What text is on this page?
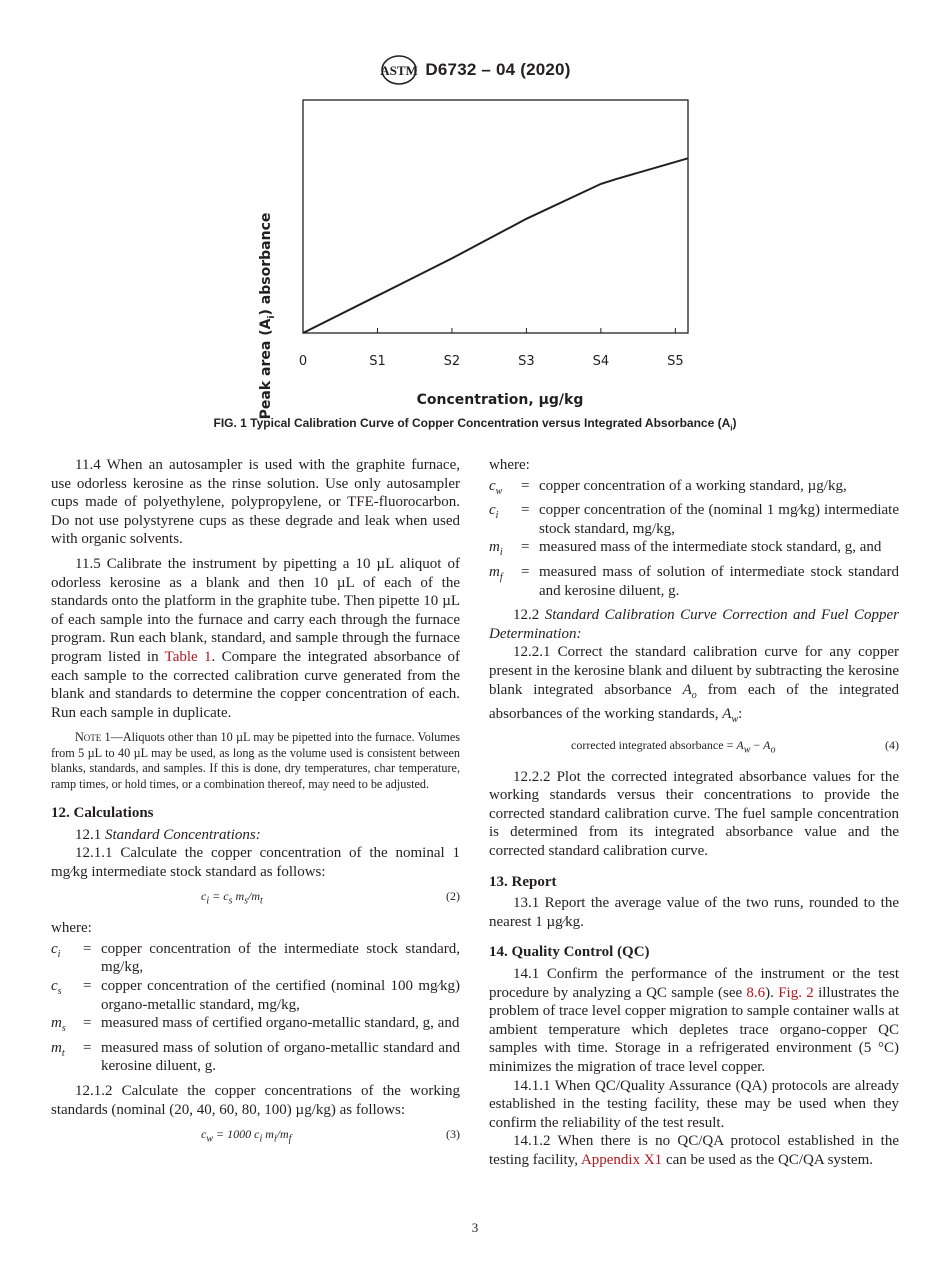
ASTM D6732 – 04 (2020)
Peak area $(A_i)$ absorbance
0	S1	S2	S3	S4	S5
Concentration, µg/kg
FIG. 1 Typical Calibration Curve of Copper Concentration versus Integrated Absorbance $(A_i)$

11.4 When an autosampler is used with the graphite furnace, use odorless kerosine as the rinse solution. Use only autosampler cups made of polyethylene, polypropylene, or TFE-fluorocarbon. Do not use polystyrene cups as these degrade and leak when used with organic solvents.

11.5 Calibrate the instrument by pipetting a 10 µL aliquot of odorless kerosine as a blank and then 10 µL of each of the standards onto the platform in the graphite tube. Then pipette 10 µL of each sample into the furnace and carry each through the furnace program. Run each blank, standard, and sample through the furnace program listed in Table 1. Compare the integrated absorbance of each sample to the corrected calibration curve generated from the blank and standards to determine the copper concentration of each. Run each sample in duplicate.

Note 1—Aliquots other than 10 µL may be pipetted into the furnace. Volumes from 5 µL to 40 µL may be used, as long as the volume used is consistent between blanks, standards, and samples. If this is done, dry temperatures, char temperature, ramp times, or hold times, or a combination thereof, may need to be adjusted.

12. Calculations

12.1 Standard Concentrations:

12.1.1 Calculate the copper concentration of the nominal 1 mg⁄kg intermediate stock standard as follows:

$c_i = c_s$ $m_s/m_t$	(2)

where:

$c_i$	= copper concentration of the intermediate stock standard, mg/kg,
$c_s$	= copper concentration of the certified (nominal 100 mg⁄kg) organo-metallic standard, mg/kg,
$m_s$	= measured mass of certified organo-metallic standard, g, and
$m_t$	= measured mass of solution of organo-metallic standard and kerosine diluent, g.

12.1.2 Calculate the copper concentrations of the working standards (nominal (20, 40, 60, 80, 100) µg/kg) as follows:

$c_w = 1000$ $c_i$ $m_i/m_f$	(3)

where:

$c_w$	= copper concentration of a working standard, µg/kg,
$c_i$	= copper concentration of the (nominal 1 mg⁄kg) intermediate stock standard, mg/kg,
$m_i$	= measured mass of the intermediate stock standard, g, and
$m_f$	= measured mass of solution of intermediate stock standard and kerosine diluent, g.

12.2 Standard Calibration Curve Correction and Fuel Copper Determination:

12.2.1 Correct the standard calibration curve for any copper present in the kerosine blank and diluent by subtracting the kerosine blank integrated absorbance $A_o$ from each of the integrated absorbances of the working standards, $A_w$:

corrected integrated absorbance = $A_w - A_o$	(4)

12.2.2 Plot the corrected integrated absorbance values for the working standards versus their concentrations to provide the corrected standard calibration curve. The fuel sample concentration is determined from its integrated absorbance value and the corrected standard calibration curve.

13. Report

13.1 Report the average value of the two runs, rounded to the nearest 1 µg⁄kg.

14. Quality Control (QC)

14.1 Confirm the performance of the instrument or the test procedure by analyzing a QC sample (see 8.6). Fig. 2 illustrates the problem of trace level copper migration to sample container walls at ambient temperature which depletes trace organo-copper QC samples with time. Storage in a refrigerated environment (5 °C) minimizes the migration of trace level copper.

14.1.1 When QC/Quality Assurance (QA) protocols are already established in the testing facility, these may be used when they confirm the reliability of the test result.

14.1.2 When there is no QC/QA protocol established in the testing facility, Appendix X1 can be used as the QC/QA system.

3
